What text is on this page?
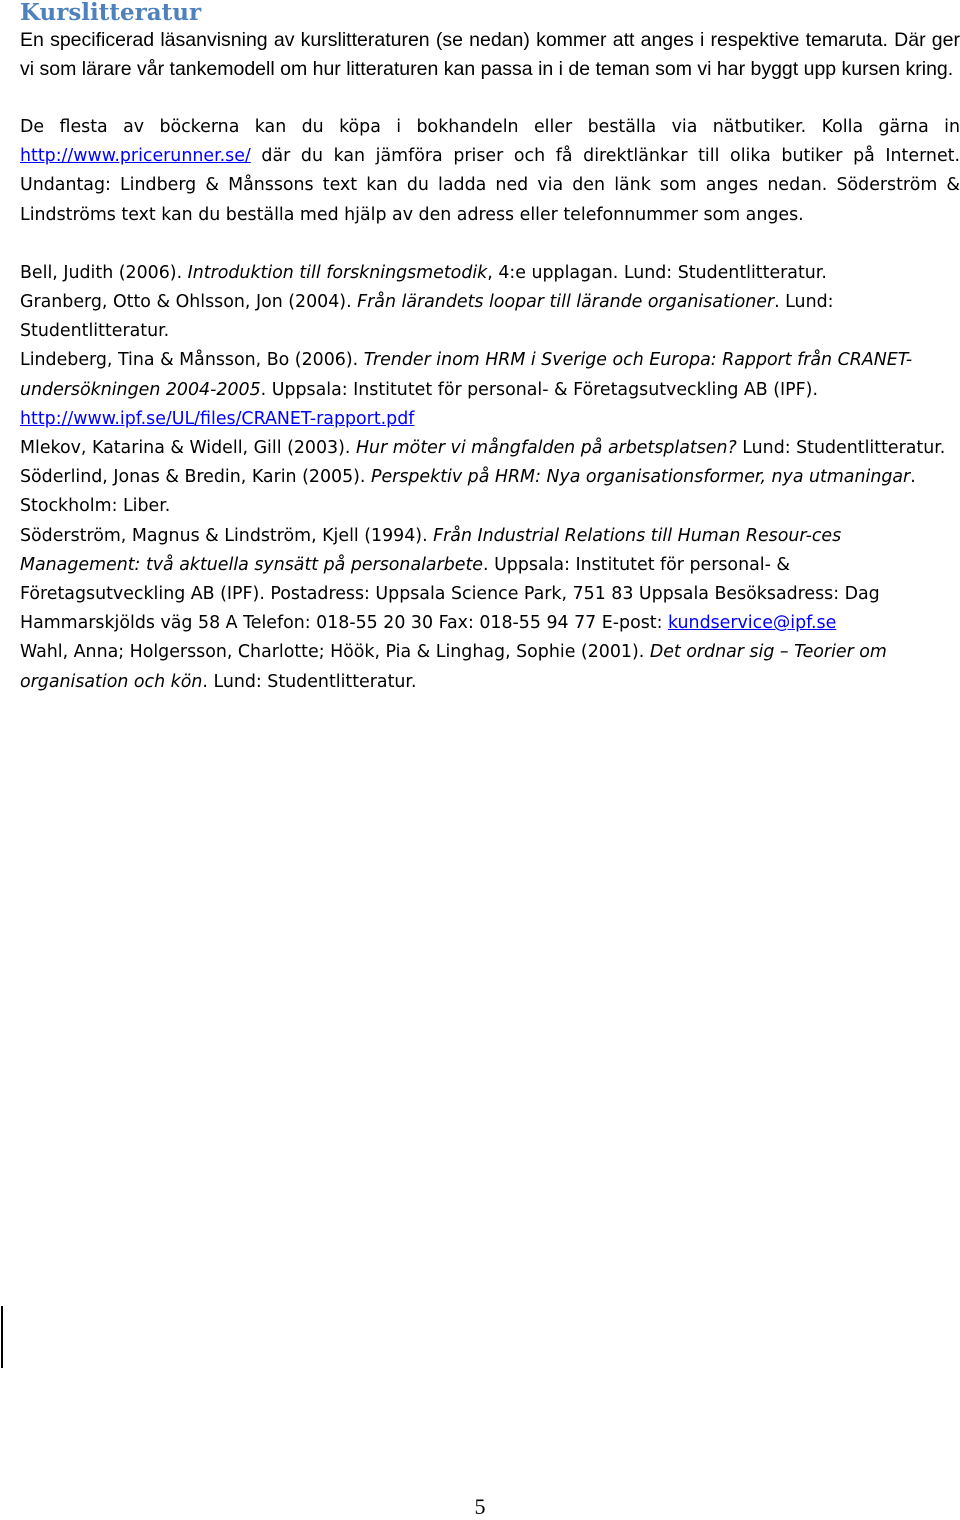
Kurslitteratur

En specificerad läsanvisning av kurslitteraturen (se nedan) kommer att anges i respektive temaruta. Där ger vi som lärare vår tankemodell om hur litteraturen kan passa in i de teman som vi har byggt upp kursen kring.

De flesta av böckerna kan du köpa i bokhandeln eller beställa via nätbutiker. Kolla gärna in http://www.pricerunner.se/ där du kan jämföra priser och få direktlänkar till olika butiker på Internet. Undantag: Lindberg & Månssons text kan du ladda ned via den länk som anges nedan. Söderström & Lindströms text kan du beställa med hjälp av den adress eller telefonnummer som anges.

Bell, Judith (2006). Introduktion till forskningsmetodik, 4:e upplagan. Lund: Studentlitteratur.

Granberg, Otto & Ohlsson, Jon (2004). Från lärandets loopar till lärande organisationer. Lund: Studentlitteratur.

Lindeberg, Tina & Månsson, Bo (2006). Trender inom HRM i Sverige och Europa: Rapport från CRANET-undersökningen 2004-2005. Uppsala: Institutet för personal- & Företagsutveckling AB (IPF). http://www.ipf.se/UL/files/CRANET-rapport.pdf

Mlekov, Katarina & Widell, Gill (2003). Hur möter vi mångfalden på arbetsplatsen? Lund: Studentlitteratur.

Söderlind, Jonas & Bredin, Karin (2005). Perspektiv på HRM: Nya organisationsformer, nya utmaningar. Stockholm: Liber.

Söderström, Magnus & Lindström, Kjell (1994). Från Industrial Relations till Human Resour-ces Management: två aktuella synsätt på personalarbete. Uppsala: Institutet för personal- & Företagsutveckling AB (IPF). Postadress: Uppsala Science Park, 751 83 Uppsala Besöksadress: Dag Hammarskjölds väg 58 A Telefon: 018-55 20 30 Fax: 018-55 94 77 E-post: kundservice@ipf.se

Wahl, Anna; Holgersson, Charlotte; Höök, Pia & Linghag, Sophie (2001). Det ordnar sig – Teorier om organisation och kön. Lund: Studentlitteratur.

5
